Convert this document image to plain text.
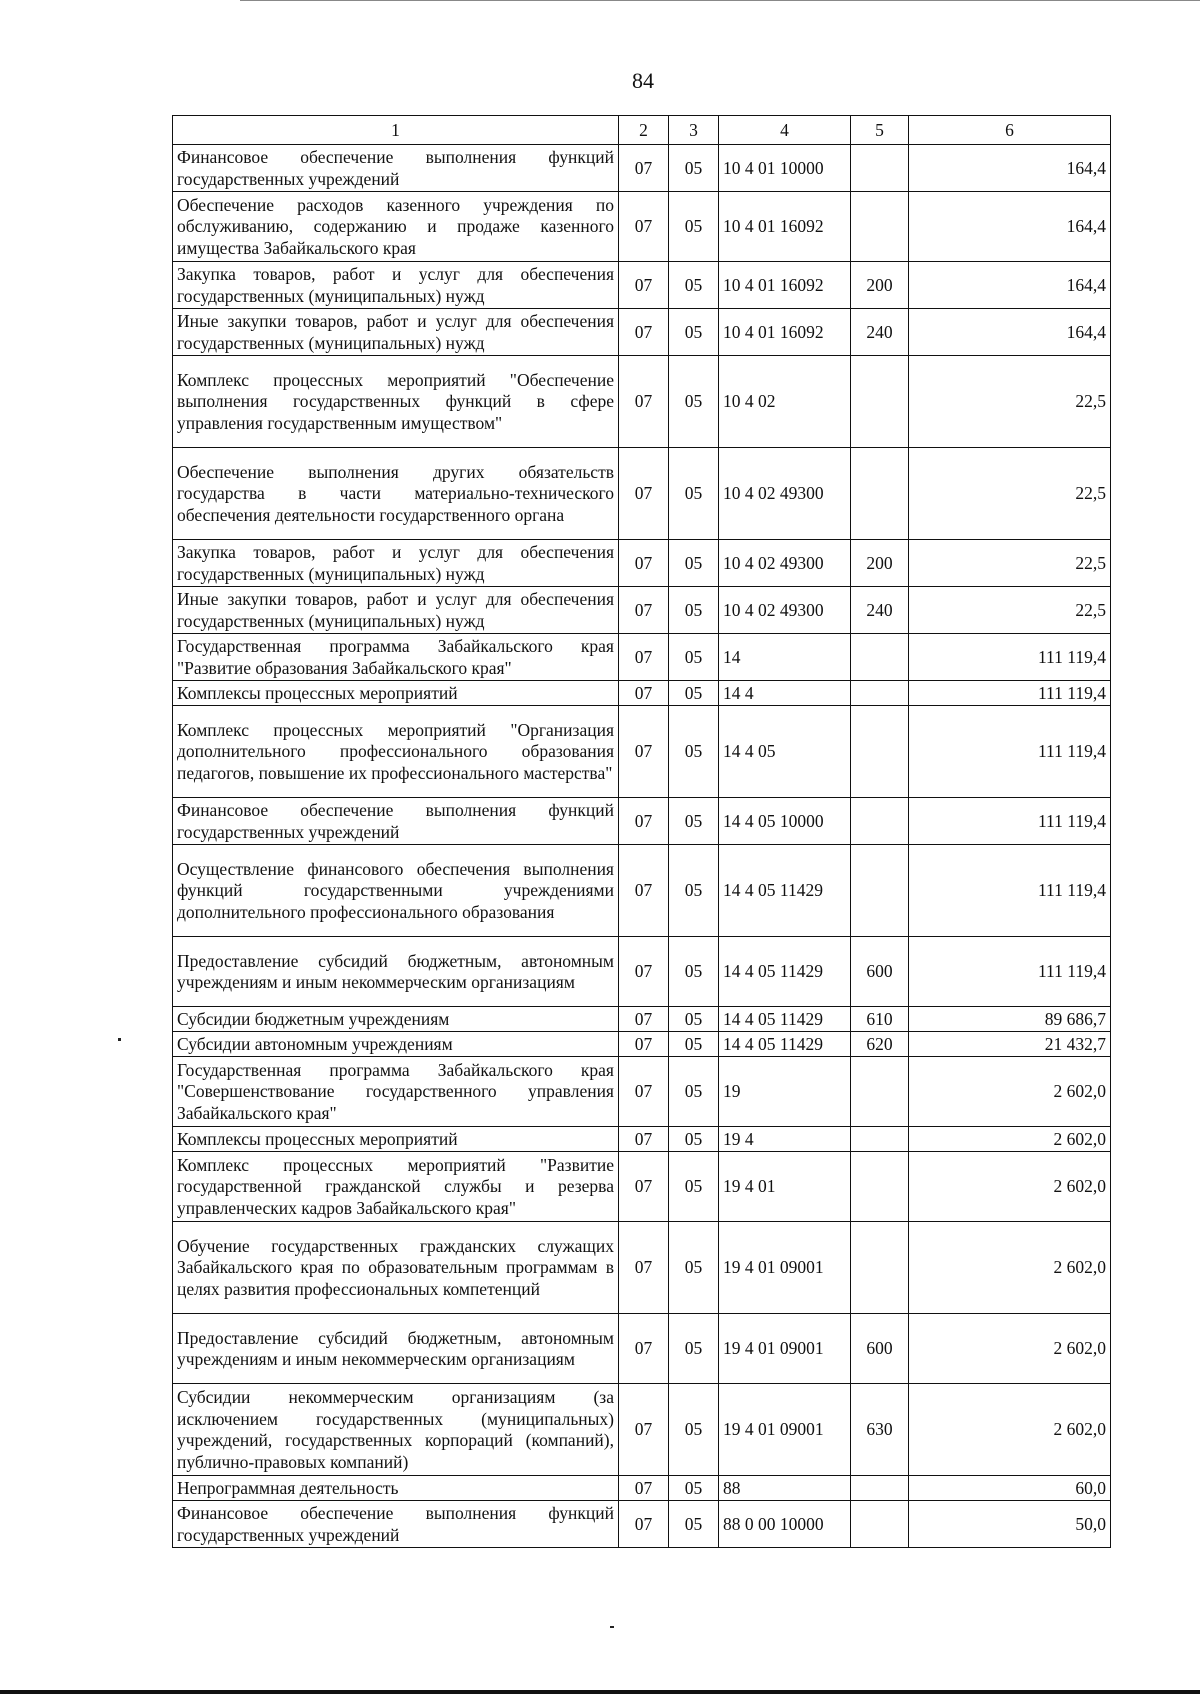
84
1	2	3	4	5	6
Финансовое обеспечение выполнения функций государственных учреждений	07	05	10 4 01 10000		164,4
Обеспечение расходов казенного учреждения по обслуживанию, содержанию и продаже казенного имущества Забайкальского края	07	05	10 4 01 16092		164,4
Закупка товаров, работ и услуг для обеспечения государственных (муниципальных) нужд	07	05	10 4 01 16092	200	164,4
Иные закупки товаров, работ и услуг для обеспечения государственных (муниципальных) нужд	07	05	10 4 01 16092	240	164,4
Комплекс процессных мероприятий "Обеспечение выполнения государственных функций в сфере управления государственным имуществом"	07	05	10 4 02		22,5
Обеспечение выполнения других обязательств государства в части материально-технического обеспечения деятельности государственного органа	07	05	10 4 02 49300		22,5
Закупка товаров, работ и услуг для обеспечения государственных (муниципальных) нужд	07	05	10 4 02 49300	200	22,5
Иные закупки товаров, работ и услуг для обеспечения государственных (муниципальных) нужд	07	05	10 4 02 49300	240	22,5
Государственная программа Забайкальского края "Развитие образования Забайкальского края"	07	05	14		111 119,4
Комплексы процессных мероприятий	07	05	14 4		111 119,4
Комплекс процессных мероприятий "Организация дополнительного профессионального образования педагогов, повышение их профессионального мастерства"	07	05	14 4 05		111 119,4
Финансовое обеспечение выполнения функций государственных учреждений	07	05	14 4 05 10000		111 119,4
Осуществление финансового обеспечения выполнения функций государственными учреждениями дополнительного профессионального образования	07	05	14 4 05 11429		111 119,4
Предоставление субсидий бюджетным, автономным учреждениям и иным некоммерческим организациям	07	05	14 4 05 11429	600	111 119,4
Субсидии бюджетным учреждениям	07	05	14 4 05 11429	610	89 686,7
Субсидии автономным учреждениям	07	05	14 4 05 11429	620	21 432,7
Государственная программа Забайкальского края "Совершенствование государственного управления Забайкальского края"	07	05	19		2 602,0
Комплексы процессных мероприятий	07	05	19 4		2 602,0
Комплекс процессных мероприятий "Развитие государственной гражданской службы и резерва управленческих кадров Забайкальского края"	07	05	19 4 01		2 602,0
Обучение государственных гражданских служащих Забайкальского края по образовательным программам в целях развития профессиональных компетенций	07	05	19 4 01 09001		2 602,0
Предоставление субсидий бюджетным, автономным учреждениям и иным некоммерческим организациям	07	05	19 4 01 09001	600	2 602,0
Субсидии некоммерческим организациям (за исключением государственных (муниципальных) учреждений, государственных корпораций (компаний), публично-правовых компаний)	07	05	19 4 01 09001	630	2 602,0
Непрограммная деятельность	07	05	88		60,0
Финансовое обеспечение выполнения функций государственных учреждений	07	05	88 0 00 10000		50,0
